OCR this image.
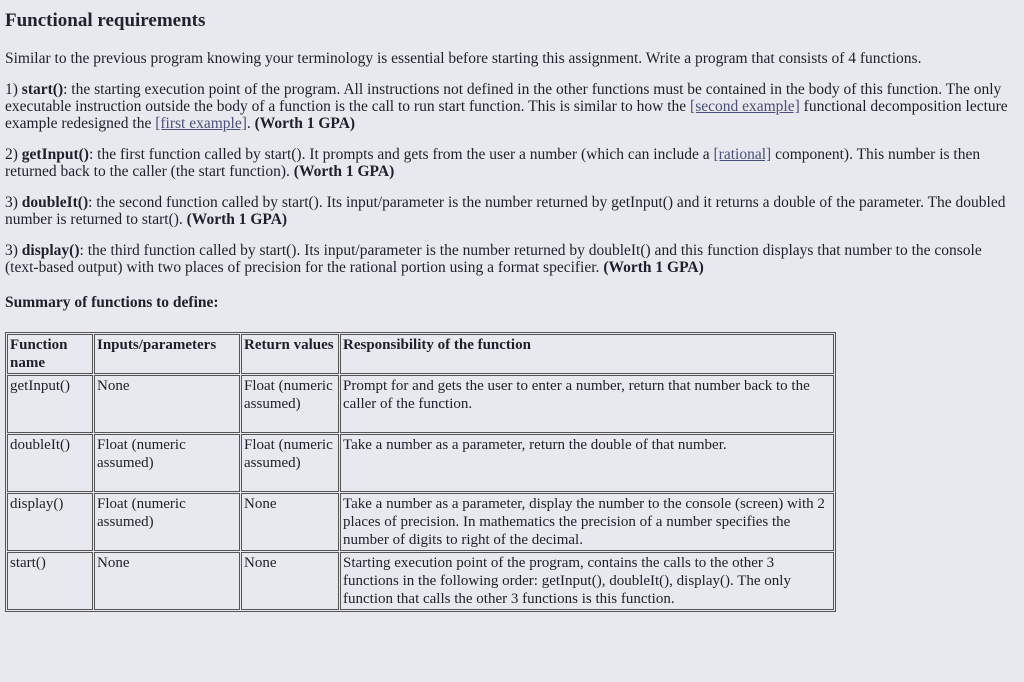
Functional requirements

Similar to the previous program knowing your terminology is essential before starting this assignment. Write a program that consists of 4 functions.

1) start(): the starting execution point of the program. All instructions not defined in the other functions must be contained in the body of this function. The only executable instruction outside the body of a function is the call to run start function. This is similar to how the [second example] functional decomposition lecture example redesigned the [first example]. (Worth 1 GPA)

2) getInput(): the first function called by start(). It prompts and gets from the user a number (which can include a [rational] component). This number is then returned back to the caller (the start function). (Worth 1 GPA)

3) doubleIt(): the second function called by start(). Its input/parameter is the number returned by getInput() and it returns a double of the parameter. The doubled number is returned to start(). (Worth 1 GPA)

3) display(): the third function called by start(). Its input/parameter is the number returned by doubleIt() and this function displays that number to the console (text-based output) with two places of precision for the rational portion using a format specifier. (Worth 1 GPA)

Summary of functions to define:
Function name	Inputs/parameters	Return values	Responsibility of the function
getInput()	None	Float (numeric assumed)	Prompt for and gets the user to enter a number, return that number back to the caller of the function.
doubleIt()	Float (numeric assumed)	Float (numeric assumed)	Take a number as a parameter, return the double of that number.
display()	Float (numeric assumed)	None	Take a number as a parameter, display the number to the console (screen) with 2 places of precision. In mathematics the precision of a number specifies the number of digits to right of the decimal.
start()	None	None	Starting execution point of the program, contains the calls to the other 3 functions in the following order: getInput(), doubleIt(), display(). The only function that calls the other 3 functions is this function.
